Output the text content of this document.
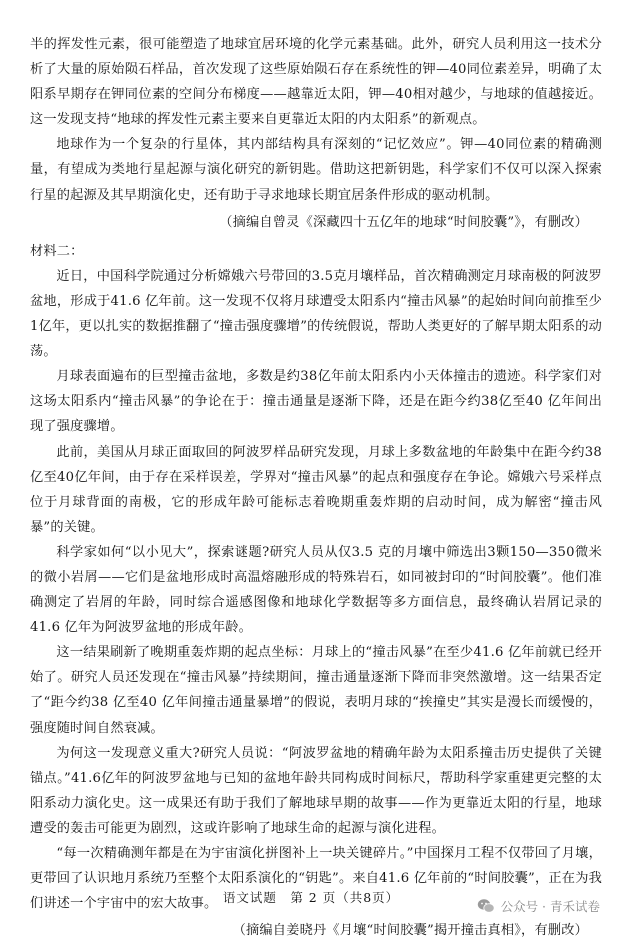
半的挥发性元素，很可能塑造了地球宜居环境的化学元素基础。此外，研究人员利用这一技术分析了大量的原始陨石样品，首次发现了这些原始陨石存在系统性的钾—40同位素差异，明确了太阳系早期存在钾同位素的空间分布梯度——越靠近太阳，钾—40相对越少，与地球的值越接近。这一发现支持“地球的挥发性元素主要来自更靠近太阳的内太阳系”的新观点。

地球作为一个复杂的行星体，其内部结构具有深刻的“记忆效应”。钾—40同位素的精确测量，有望成为类地行星起源与演化研究的新钥匙。借助这把新钥匙，科学家们不仅可以深入探索行星的起源及其早期演化史，还有助于寻求地球长期宜居条件形成的驱动机制。

（摘编自曾灵《深藏四十五亿年的地球“时间胶囊”》，有删改）

材料二：

近日，中国科学院通过分析嫦娥六号带回的3.5克月壤样品，首次精确测定月球南极的阿波罗盆地，形成于41.6 亿年前。这一发现不仅将月球遭受太阳系内“撞击风暴”的起始时间向前推至少1亿年，更以扎实的数据推翻了“撞击强度骤增”的传统假说，帮助人类更好的了解早期太阳系的动荡。

月球表面遍布的巨型撞击盆地，多数是约38亿年前太阳系内小天体撞击的遗迹。科学家们对这场太阳系内“撞击风暴”的争论在于：撞击通量是逐渐下降，还是在距今约38亿至40 亿年间出现了强度骤增。

此前，美国从月球正面取回的阿波罗样品研究发现，月球上多数盆地的年龄集中在距今约38亿至40亿年间，由于存在采样误差，学界对“撞击风暴”的起点和强度存在争论。嫦娥六号采样点位于月球背面的南极，它的形成年龄可能标志着晚期重轰炸期的启动时间，成为解密“撞击风暴”的关键。

科学家如何“以小见大”，探索谜题?研究人员从仅3.5 克的月壤中筛选出3颗150—350微米的微小岩屑——它们是盆地形成时高温熔融形成的特殊岩石，如同被封印的“时间胶囊”。他们准确测定了岩屑的年龄，同时综合遥感图像和地球化学数据等多方面信息，最终确认岩屑记录的41.6 亿年为阿波罗盆地的形成年龄。

这一结果刷新了晚期重轰炸期的起点坐标：月球上的“撞击风暴”在至少41.6 亿年前就已经开始了。研究人员还发现在“撞击风暴”持续期间，撞击通量逐渐下降而非突然激增。这一结果否定了“距今约38 亿至40 亿年间撞击通量暴增”的假说，表明月球的“挨撞史”其实是漫长而缓慢的，强度随时间自然衰减。

为何这一发现意义重大?研究人员说：“阿波罗盆地的精确年龄为太阳系撞击历史提供了关键锚点。”41.6亿年的阿波罗盆地与已知的盆地年龄共同构成时间标尺，帮助科学家重建更完整的太阳系动力演化史。这一成果还有助于我们了解地球早期的故事——作为更靠近太阳的行星，地球遭受的轰击可能更为剧烈，这或许影响了地球生命的起源与演化进程。

“每一次精确测年都是在为宇宙演化拼图补上一块关键碎片。”中国探月工程不仅带回了月壤，更带回了认识地月系统乃至整个太阳系演化的“钥匙”。来自41.6 亿年前的“时间胶囊”，正在为我们讲述一个宇宙中的宏大故事。

（摘编自姜晓丹《月壤“时间胶囊”揭开撞击真相》，有删改）

语文试题　第 2 页（共8页）
公众号 · 青禾试卷
